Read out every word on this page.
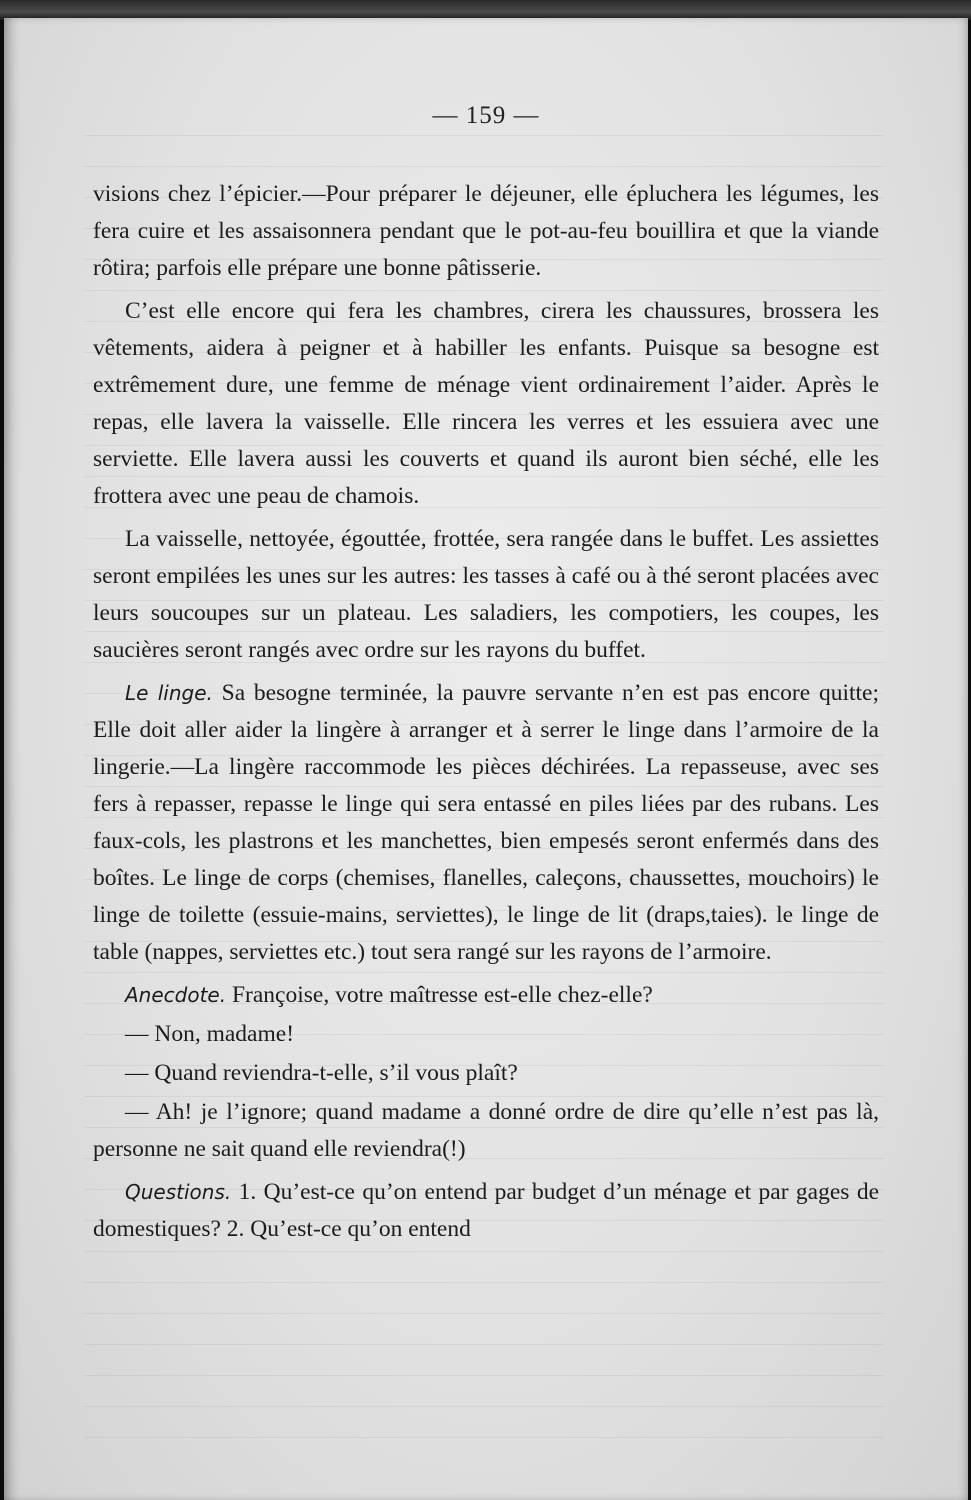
— 159 —

visions chez l’épicier.—Pour préparer le déjeuner, elle épluchera les légumes, les fera cuire et les assaisonnera pendant que le pot-au-feu bouillira et que la viande rôtira; parfois elle prépare une bonne pâtisserie.

C’est elle encore qui fera les chambres, cirera les chaussures, brossera les vêtements, aidera à peigner et à habiller les enfants. Puisque sa besogne est extrêmement dure, une femme de ménage vient ordinairement l’aider. Après le repas, elle lavera la vaisselle. Elle rincera les verres et les essuiera avec une serviette. Elle lavera aussi les couverts et quand ils auront bien séché, elle les frottera avec une peau de chamois.

La vaisselle, nettoyée, égouttée, frottée, sera rangée dans le buffet. Les assiettes seront empilées les unes sur les autres: les tasses à café ou à thé seront placées avec leurs soucoupes sur un plateau. Les saladiers, les compotiers, les coupes, les saucières seront rangés avec ordre sur les rayons du buffet.

Le linge. Sa besogne terminée, la pauvre servante n’en est pas encore quitte; Elle doit aller aider la lingère à arranger et à serrer le linge dans l’armoire de la lingerie.—La lingère raccommode les pièces déchirées. La repasseuse, avec ses fers à repasser, repasse le linge qui sera entassé en piles liées par des rubans. Les faux-cols, les plastrons et les manchettes, bien empesés seront enfermés dans des boîtes. Le linge de corps (chemises, flanelles, caleçons, chaussettes, mouchoirs) le linge de toilette (essuie-mains, serviettes), le linge de lit (draps,taies). le linge de table (nappes, serviettes etc.) tout sera rangé sur les rayons de l’armoire.

Anecdote. Françoise, votre maîtresse est-elle chez-elle?

— Non, madame!

— Quand reviendra-t-elle, s’il vous plaît?

— Ah! je l’ignore; quand madame a donné ordre de dire qu’elle n’est pas là, personne ne sait quand elle reviendra(!)

Questions. 1. Qu’est-ce qu’on entend par budget d’un ménage et par gages de domestiques? 2. Qu’est-ce qu’on entend
